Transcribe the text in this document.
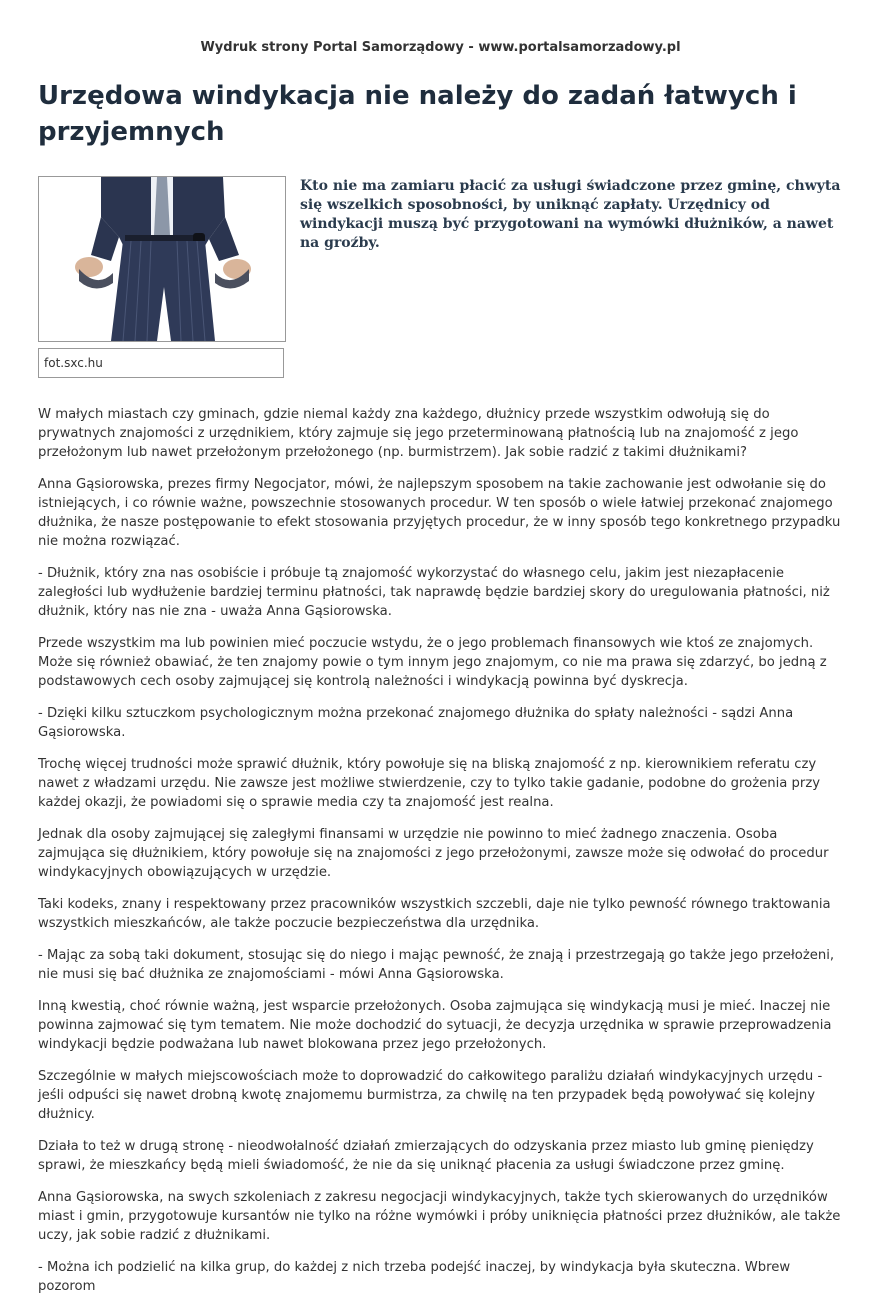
Wydruk strony Portal Samorządowy - www.portalsamorzadowy.pl
Urzędowa windykacja nie należy do zadań łatwych i przyjemnych
fot.sxc.hu

Kto nie ma zamiaru płacić za usługi świadczone przez gminę, chwyta się wszelkich sposobności, by uniknąć zapłaty. Urzędnicy od windykacji muszą być przygotowani na wymówki dłużników, a nawet na groźby.

W małych miastach czy gminach, gdzie niemal każdy zna każdego, dłużnicy przede wszystkim odwołują się do prywatnych znajomości z urzędnikiem, który zajmuje się jego przeterminowaną płatnością lub na znajomość z jego przełożonym lub nawet przełożonym przełożonego (np. burmistrzem). Jak sobie radzić z takimi dłużnikami?

Anna Gąsiorowska, prezes firmy Negocjator, mówi, że najlepszym sposobem na takie zachowanie jest odwołanie się do istniejących, i co równie ważne, powszechnie stosowanych procedur. W ten sposób o wiele łatwiej przekonać znajomego dłużnika, że nasze postępowanie to efekt stosowania przyjętych procedur, że w inny sposób tego konkretnego przypadku nie można rozwiązać.

- Dłużnik, który zna nas osobiście i próbuje tą znajomość wykorzystać do własnego celu, jakim jest niezapłacenie zaległości lub wydłużenie bardziej terminu płatności, tak naprawdę będzie bardziej skory do uregulowania płatności, niż dłużnik, który nas nie zna - uważa Anna Gąsiorowska.

Przede wszystkim ma lub powinien mieć poczucie wstydu, że o jego problemach finansowych wie ktoś ze znajomych. Może się również obawiać, że ten znajomy powie o tym innym jego znajomym, co nie ma prawa się zdarzyć, bo jedną z podstawowych cech osoby zajmującej się kontrolą należności i windykacją powinna być dyskrecja.

- Dzięki kilku sztuczkom psychologicznym można przekonać znajomego dłużnika do spłaty należności - sądzi Anna Gąsiorowska.

Trochę więcej trudności może sprawić dłużnik, który powołuje się na bliską znajomość z np. kierownikiem referatu czy nawet z władzami urzędu. Nie zawsze jest możliwe stwierdzenie, czy to tylko takie gadanie, podobne do grożenia przy każdej okazji, że powiadomi się o sprawie media czy ta znajomość jest realna.

Jednak dla osoby zajmującej się zaległymi finansami w urzędzie nie powinno to mieć żadnego znaczenia. Osoba zajmująca się dłużnikiem, który powołuje się na znajomości z jego przełożonymi, zawsze może się odwołać do procedur windykacyjnych obowiązujących w urzędzie.

Taki kodeks, znany i respektowany przez pracowników wszystkich szczebli, daje nie tylko pewność równego traktowania wszystkich mieszkańców, ale także poczucie bezpieczeństwa dla urzędnika.

- Mając za sobą taki dokument, stosując się do niego i mając pewność, że znają i przestrzegają go także jego przełożeni, nie musi się bać dłużnika ze znajomościami - mówi Anna Gąsiorowska.

Inną kwestią, choć równie ważną, jest wsparcie przełożonych. Osoba zajmująca się windykacją musi je mieć. Inaczej nie powinna zajmować się tym tematem. Nie może dochodzić do sytuacji, że decyzja urzędnika w sprawie przeprowadzenia windykacji będzie podważana lub nawet blokowana przez jego przełożonych.

Szczególnie w małych miejscowościach może to doprowadzić do całkowitego paraliżu działań windykacyjnych urzędu - jeśli odpuści się nawet drobną kwotę znajomemu burmistrza, za chwilę na ten przypadek będą powoływać się kolejny dłużnicy.

Działa to też w drugą stronę - nieodwołalność działań zmierzających do odzyskania przez miasto lub gminę pieniędzy sprawi, że mieszkańcy będą mieli świadomość, że nie da się uniknąć płacenia za usługi świadczone przez gminę.

Anna Gąsiorowska, na swych szkoleniach z zakresu negocjacji windykacyjnych, także tych skierowanych do urzędników miast i gmin, przygotowuje kursantów nie tylko na różne wymówki i próby uniknięcia płatności przez dłużników, ale także uczy, jak sobie radzić z dłużnikami.

- Można ich podzielić na kilka grup, do każdej z nich trzeba podejść inaczej, by windykacja była skuteczna. Wbrew pozorom
